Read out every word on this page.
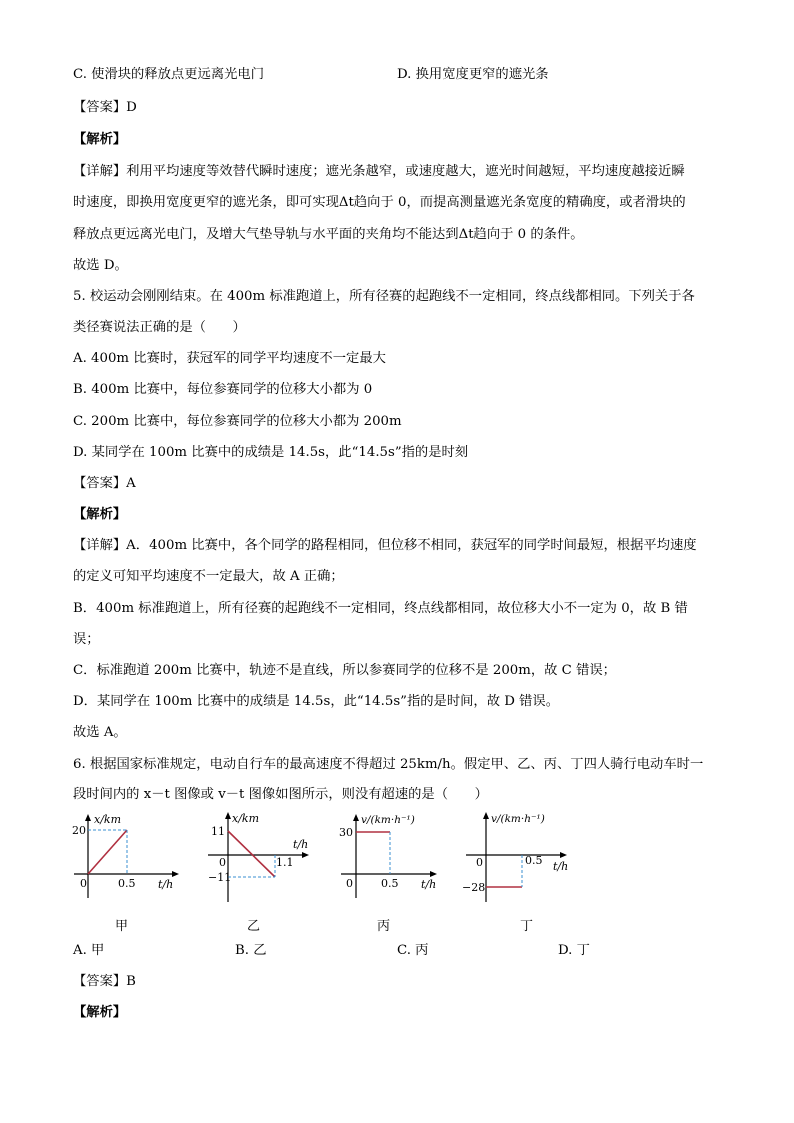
C. 使滑块的释放点更远离光电门	D. 换用宽度更窄的遮光条
【答案】D
【解析】
【详解】利用平均速度等效替代瞬时速度；遮光条越窄，或速度越大，遮光时间越短，平均速度越接近瞬
时速度，即换用宽度更窄的遮光条，即可实现Δt趋向于 0，而提高测量遮光条宽度的精确度，或者滑块的
释放点更远离光电门，及增大气垫导轨与水平面的夹角均不能达到Δt趋向于 0 的条件。
故选 D。
5. 校运动会刚刚结束。在 400m 标准跑道上，所有径赛的起跑线不一定相同，终点线都相同。下列关于各
类径赛说法正确的是（　　）
A. 400m 比赛时，获冠军的同学平均速度不一定最大
B. 400m 比赛中，每位参赛同学的位移大小都为 0
C. 200m 比赛中，每位参赛同学的位移大小都为 200m
D. 某同学在 100m 比赛中的成绩是 14.5s，此“14.5s”指的是时刻
【答案】A
【解析】
【详解】A．400m 比赛中，各个同学的路程相同，但位移不相同，获冠军的同学时间最短，根据平均速度
的定义可知平均速度不一定最大，故 A 正确；
B．400m 标准跑道上，所有径赛的起跑线不一定相同，终点线都相同，故位移大小不一定为 0，故 B 错
误；
C．标准跑道 200m 比赛中，轨迹不是直线，所以参赛同学的位移不是 200m，故 C 错误；
D．某同学在 100m 比赛中的成绩是 14.5s，此“14.5s”指的是时间，故 D 错误。
故选 A。
6. 根据国家标准规定，电动自行车的最高速度不得超过 25km/h。假定甲、乙、丙、丁四人骑行电动车时一
段时间内的 x－t 图像或 v－t 图像如图所示，则没有超速的是（　　）
x/km
20
0	0.5 t/h
甲
x/km
11
−11
0	1.1
t/h
乙
v/(km·h⁻¹)
30
0	0.5 t/h
丙
v/(km·h⁻¹)
−28
0	0.5 t/h
丁
A. 甲	B. 乙	C. 丙	D. 丁
【答案】B
【解析】
